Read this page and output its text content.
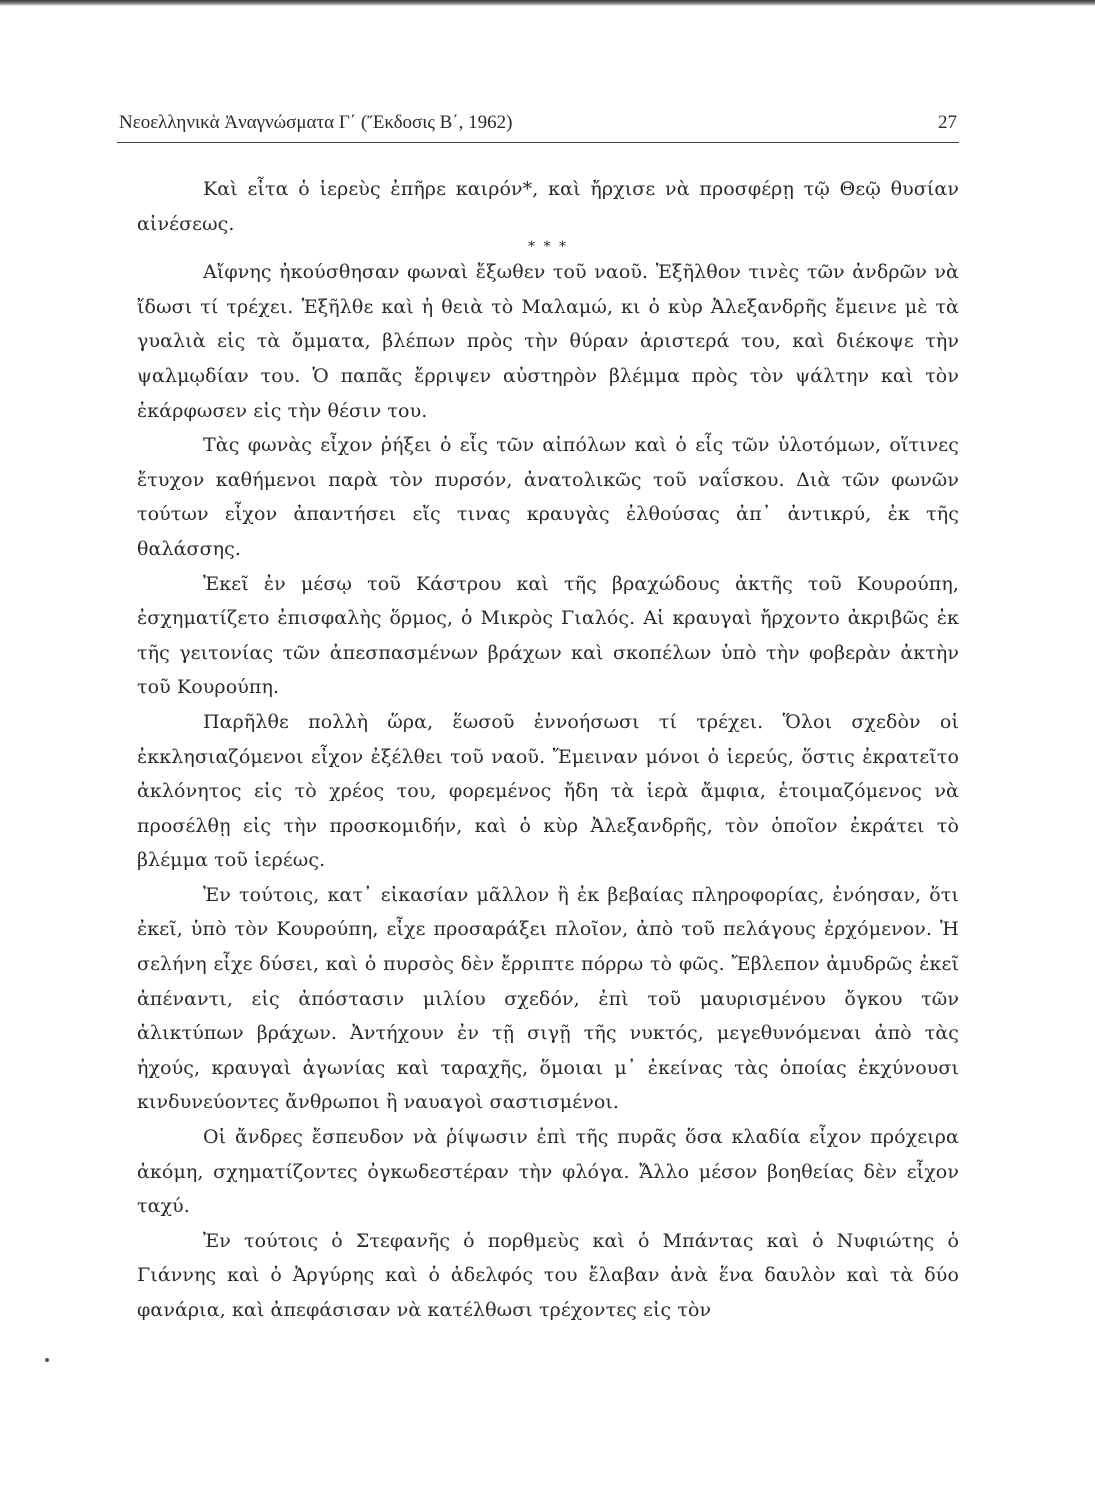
Νεοελληνικὰ Ἀναγνώσματα Γ΄ (Ἔκδοσις Β΄, 1962)	27

Καὶ εἶτα ὁ ἱερεὺς ἐπῆρε καιρόν*, καὶ ἤρχισε νὰ προσφέρῃ τῷ Θεῷ θυσίαν αἰνέσεως.

* * *

Αἴφνης ἠκούσθησαν φωναὶ ἔξωθεν τοῦ ναοῦ. Ἐξῆλθον τινὲς τῶν ἀνδρῶν νὰ ἴδωσι τί τρέχει. Ἐξῆλθε καὶ ἡ θειὰ τὸ Μαλαμώ, κι ὁ κὺρ Ἀλεξανδρῆς ἔμεινε μὲ τὰ γυαλιὰ εἰς τὰ ὄμματα, βλέπων πρὸς τὴν θύραν ἀριστερά του, καὶ διέκοψε τὴν ψαλμῳδίαν του. Ὁ παπᾶς ἔρριψεν αὐστηρὸν βλέμμα πρὸς τὸν ψάλτην καὶ τὸν ἐκάρφωσεν εἰς τὴν θέσιν του.

Τὰς φωνὰς εἶχον ῥήξει ὁ εἷς τῶν αἰπόλων καὶ ὁ εἷς τῶν ὑλοτόμων, οἵτινες ἔτυχον καθήμενοι παρὰ τὸν πυρσόν, ἀνατολικῶς τοῦ ναΐσκου. Διὰ τῶν φωνῶν τούτων εἶχον ἀπαντήσει εἴς τινας κραυγὰς ἐλθούσας ἀπ᾿ ἀντικρύ, ἐκ τῆς θαλάσσης.

Ἐκεῖ ἐν μέσῳ τοῦ Κάστρου καὶ τῆς βραχώδους ἀκτῆς τοῦ Κουρούπη, ἐσχηματίζετο ἐπισφαλὴς ὅρμος, ὁ Μικρὸς Γιαλός. Αἱ κραυγαὶ ἤρχοντο ἀκριβῶς ἐκ τῆς γειτονίας τῶν ἀπεσπασμένων βράχων καὶ σκοπέλων ὑπὸ τὴν φοβερὰν ἀκτὴν τοῦ Κουρούπη.

Παρῆλθε πολλὴ ὥρα, ἕωσοῦ ἐννοήσωσι τί τρέχει. Ὅλοι σχεδὸν οἱ ἐκκλησιαζόμενοι εἶχον ἐξέλθει τοῦ ναοῦ. Ἔμειναν μόνοι ὁ ἱερεύς, ὅστις ἐκρατεῖτο ἀκλόνητος εἰς τὸ χρέος του, φορεμένος ἤδη τὰ ἱερὰ ἄμφια, ἑτοιμαζόμενος νὰ προσέλθῃ εἰς τὴν προσκομιδήν, καὶ ὁ κὺρ Ἀλεξανδρῆς, τὸν ὁποῖον ἐκράτει τὸ βλέμμα τοῦ ἱερέως.

Ἐν τούτοις, κατ᾿ εἰκασίαν μᾶλλον ἢ ἐκ βεβαίας πληροφορίας, ἐνόησαν, ὅτι ἐκεῖ, ὑπὸ τὸν Κουρούπη, εἶχε προσαράξει πλοῖον, ἀπὸ τοῦ πελάγους ἐρχόμενον. Ἡ σελήνη εἶχε δύσει, καὶ ὁ πυρσὸς δὲν ἔρριπτε πόρρω τὸ φῶς. Ἔβλεπον ἀμυδρῶς ἐκεῖ ἀπέναντι, εἰς ἀπόστασιν μιλίου σχεδόν, ἐπὶ τοῦ μαυρισμένου ὄγκου τῶν ἁλικτύπων βράχων. Ἀντήχουν ἐν τῇ σιγῇ τῆς νυκτός, μεγεθυνόμεναι ἀπὸ τὰς ἠχούς, κραυγαὶ ἀγωνίας καὶ ταραχῆς, ὅμοιαι μ᾿ ἐκείνας τὰς ὁποίας ἐκχύνουσι κινδυνεύοντες ἄνθρωποι ἢ ναυαγοὶ σαστισμένοι.

Οἱ ἄνδρες ἔσπευδον νὰ ῥίψωσιν ἐπὶ τῆς πυρᾶς ὅσα κλαδία εἶχον πρόχειρα ἀκόμη, σχηματίζοντες ὀγκωδεστέραν τὴν φλόγα. Ἄλλο μέσον βοηθείας δὲν εἶχον ταχύ.

Ἐν τούτοις ὁ Στεφανῆς ὁ πορθμεὺς καὶ ὁ Μπάντας καὶ ὁ Νυφιώτης ὁ Γιάννης καὶ ὁ Ἀργύρης καὶ ὁ ἀδελφός του ἔλαβαν ἀνὰ ἕνα δαυλὸν καὶ τὰ δύο φανάρια, καὶ ἀπεφάσισαν νὰ κατέλθωσι τρέχοντες εἰς τὸν
